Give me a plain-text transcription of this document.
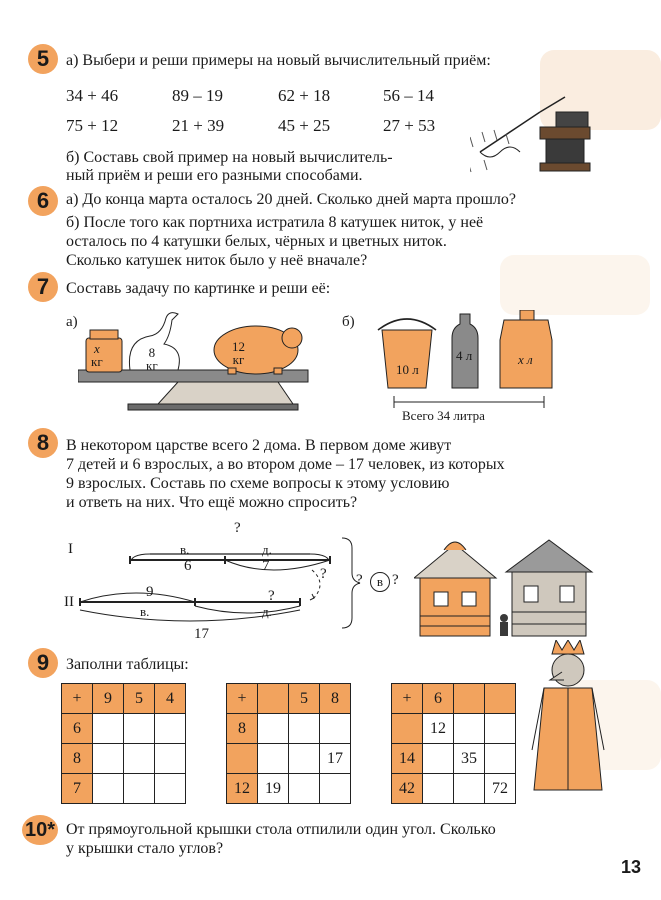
5 а) Выбери и реши примеры на новый вычислительный приём:
34 + 46	89 – 19	62 + 18	56 – 14
75 + 12	21 + 39	45 + 25	27 + 53
б) Составь свой пример на новый вычислитель-
ный приём и реши его разными способами.
6 а) До конца марта осталось 20 дней. Сколько дней марта прошло?
б) После того как портниха истратила 8 катушек ниток, у неё
осталось по 4 катушки белых, чёрных и цветных ниток.
Сколько катушек ниток было у неё вначале?
7 Составь задачу по картинке и реши её:
а)
x
кг
8
кг
12
кг
б)
10 л
4 л	x л
Всего 34 литра
8 В некотором царстве всего 2 дома. В первом доме живут
7 детей и 6 взрослых, а во втором доме – 17 человек, из которых
9 взрослых. Составь по схеме вопросы к этому условию
и ответь на них. Что ещё можно спросить?
I
II
?
в.	д.
6	7	?
9
в.	д.
?
17
?	в ?
9 Заполни таблицы:
+	9	5	4
6			
8			
7			
+		5	8
8			
			17
12	19		
+	6		
	12		
14		35	
42			72
10* От прямоугольной крышки стола отпилили один угол. Сколько
у крышки стало углов?
13
